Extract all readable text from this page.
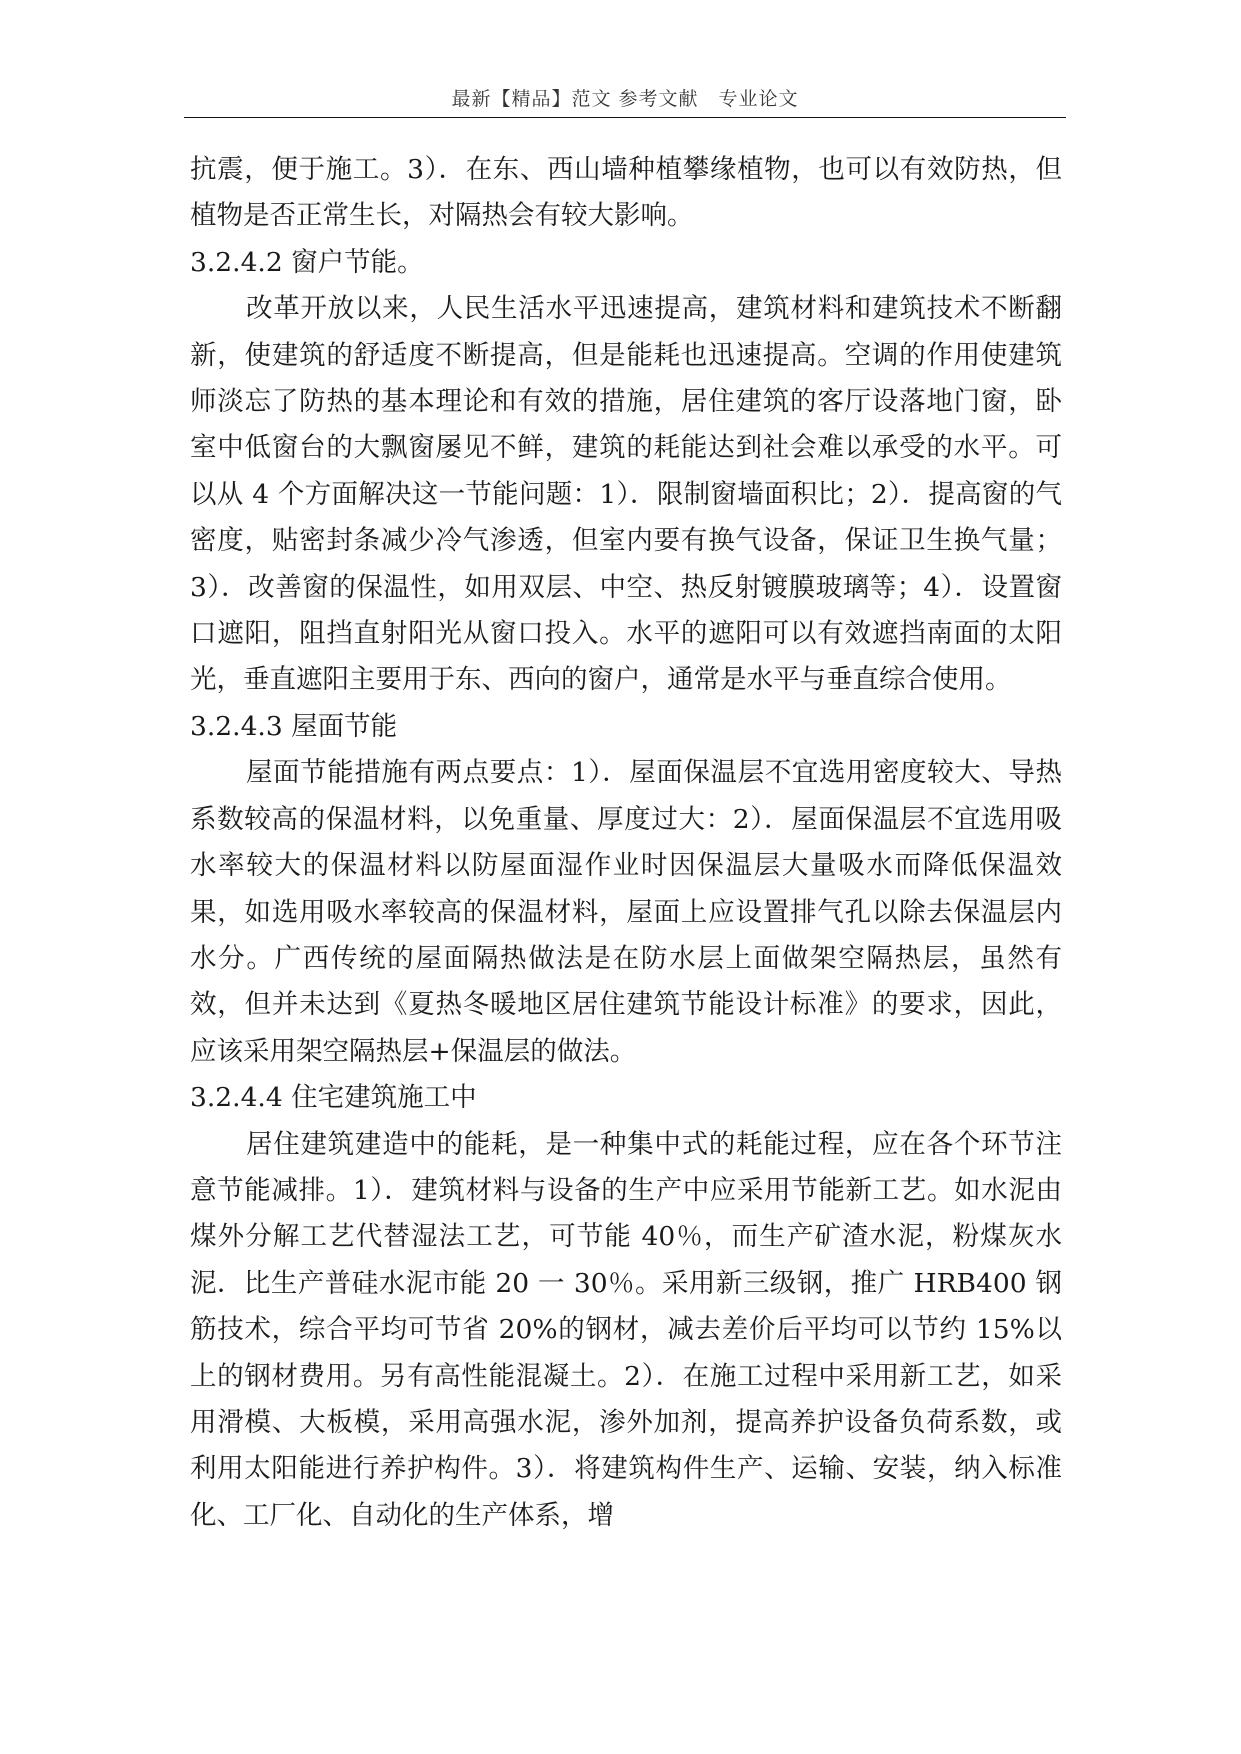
最新【精品】范文 参考文献　专业论文

抗震，便于施工。3）．在东、西山墙种植攀缘植物，也可以有效防热，但植物是否正常生长，对隔热会有较大影响。

3.2.4.2 窗户节能。

改革开放以来，人民生活水平迅速提高，建筑材料和建筑技术不断翻新，使建筑的舒适度不断提高，但是能耗也迅速提高。空调的作用使建筑师淡忘了防热的基本理论和有效的措施，居住建筑的客厅设落地门窗，卧室中低窗台的大飘窗屡见不鲜，建筑的耗能达到社会难以承受的水平。可以从 4 个方面解决这一节能问题：1）．限制窗墙面积比；2）．提高窗的气密度，贴密封条减少冷气渗透，但室内要有换气设备，保证卫生换气量；3）．改善窗的保温性，如用双层、中空、热反射镀膜玻璃等；4）．设置窗口遮阳，阻挡直射阳光从窗口投入。水平的遮阳可以有效遮挡南面的太阳光，垂直遮阳主要用于东、西向的窗户，通常是水平与垂直综合使用。

3.2.4.3 屋面节能

屋面节能措施有两点要点：1）．屋面保温层不宜选用密度较大、导热系数较高的保温材料，以免重量、厚度过大：2）．屋面保温层不宜选用吸水率较大的保温材料以防屋面湿作业时因保温层大量吸水而降低保温效果，如选用吸水率较高的保温材料，屋面上应设置排气孔以除去保温层内水分。广西传统的屋面隔热做法是在防水层上面做架空隔热层，虽然有效，但并未达到《夏热冬暖地区居住建筑节能设计标准》的要求，因此，应该采用架空隔热层+保温层的做法。

3.2.4.4 住宅建筑施工中

居住建筑建造中的能耗，是一种集中式的耗能过程，应在各个环节注意节能减排。1）．建筑材料与设备的生产中应采用节能新工艺。如水泥由煤外分解工艺代替湿法工艺，可节能 40％，而生产矿渣水泥，粉煤灰水泥．比生产普硅水泥市能 20 一 30％。采用新三级钢，推广 HRB400 钢筋技术，综合平均可节省 20%的钢材，减去差价后平均可以节约 15%以上的钢材费用。另有高性能混凝土。2）．在施工过程中采用新工艺，如采用滑模、大板模，采用高强水泥，渗外加剂，提高养护设备负荷系数，或利用太阳能进行养护构件。3）．将建筑构件生产、运输、安装，纳入标准化、工厂化、自动化的生产体系，增
